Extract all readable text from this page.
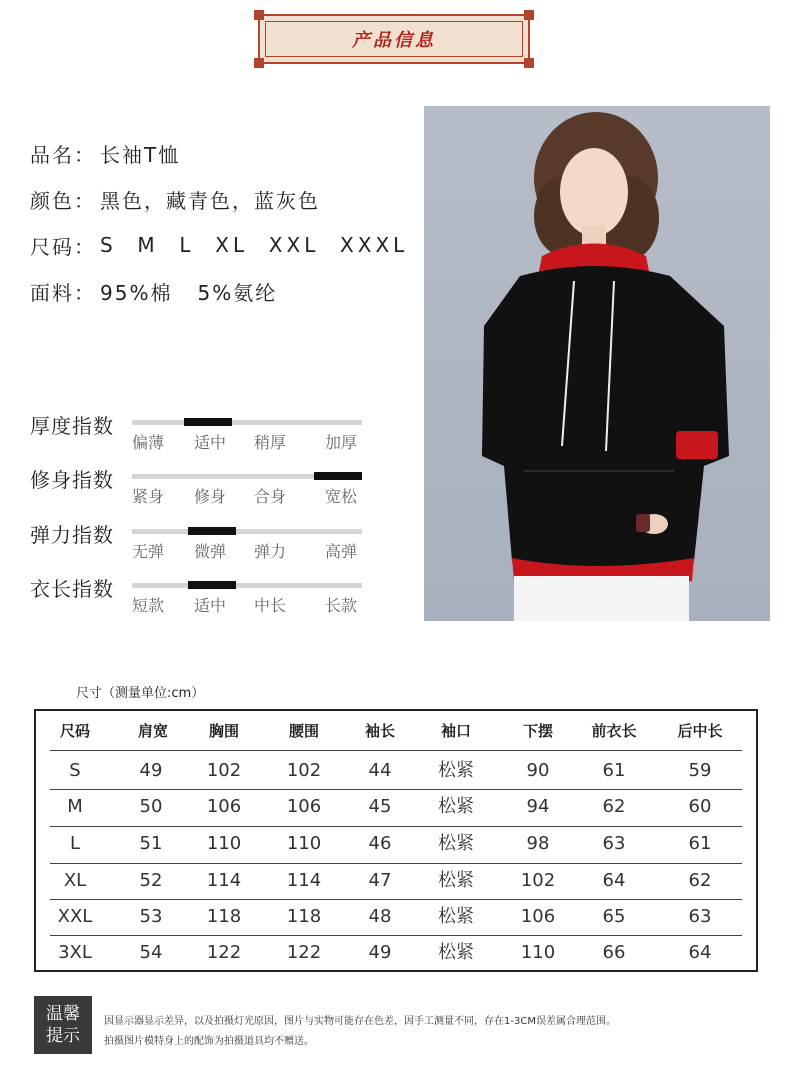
产品信息
品名： 长袖T恤
颜色： 黑色，藏青色，蓝灰色
尺码： S  M  L  XL  XXL  XXXL
面料： 95%棉   5%氨纶
厚度指数
偏薄 适中 稍厚 加厚
修身指数
紧身 修身 合身 宽松
弹力指数
无弹 微弹 弹力 高弹
衣长指数
短款 适中 中长 长款
尺寸（测量单位:cm）
尺码	肩宽	胸围	腰围	袖长	袖口	下摆	前衣长	后中长
S	49	102	102	44	松紧	90	61	59
M	50	106	106	45	松紧	94	62	60
L	51	110	110	46	松紧	98	63	61
XL	52	114	114	47	松紧	102	64	62
XXL	53	118	118	48	松紧	106	65	63
3XL	54	122	122	49	松紧	110	66	64
温馨
提示
因显示器显示差异，以及拍摄灯光原因，图片与实物可能存在色差，因手工测量不同，存在1-3CM误差属合理范围。
拍摄图片模特身上的配饰为拍摄道具均不赠送。
